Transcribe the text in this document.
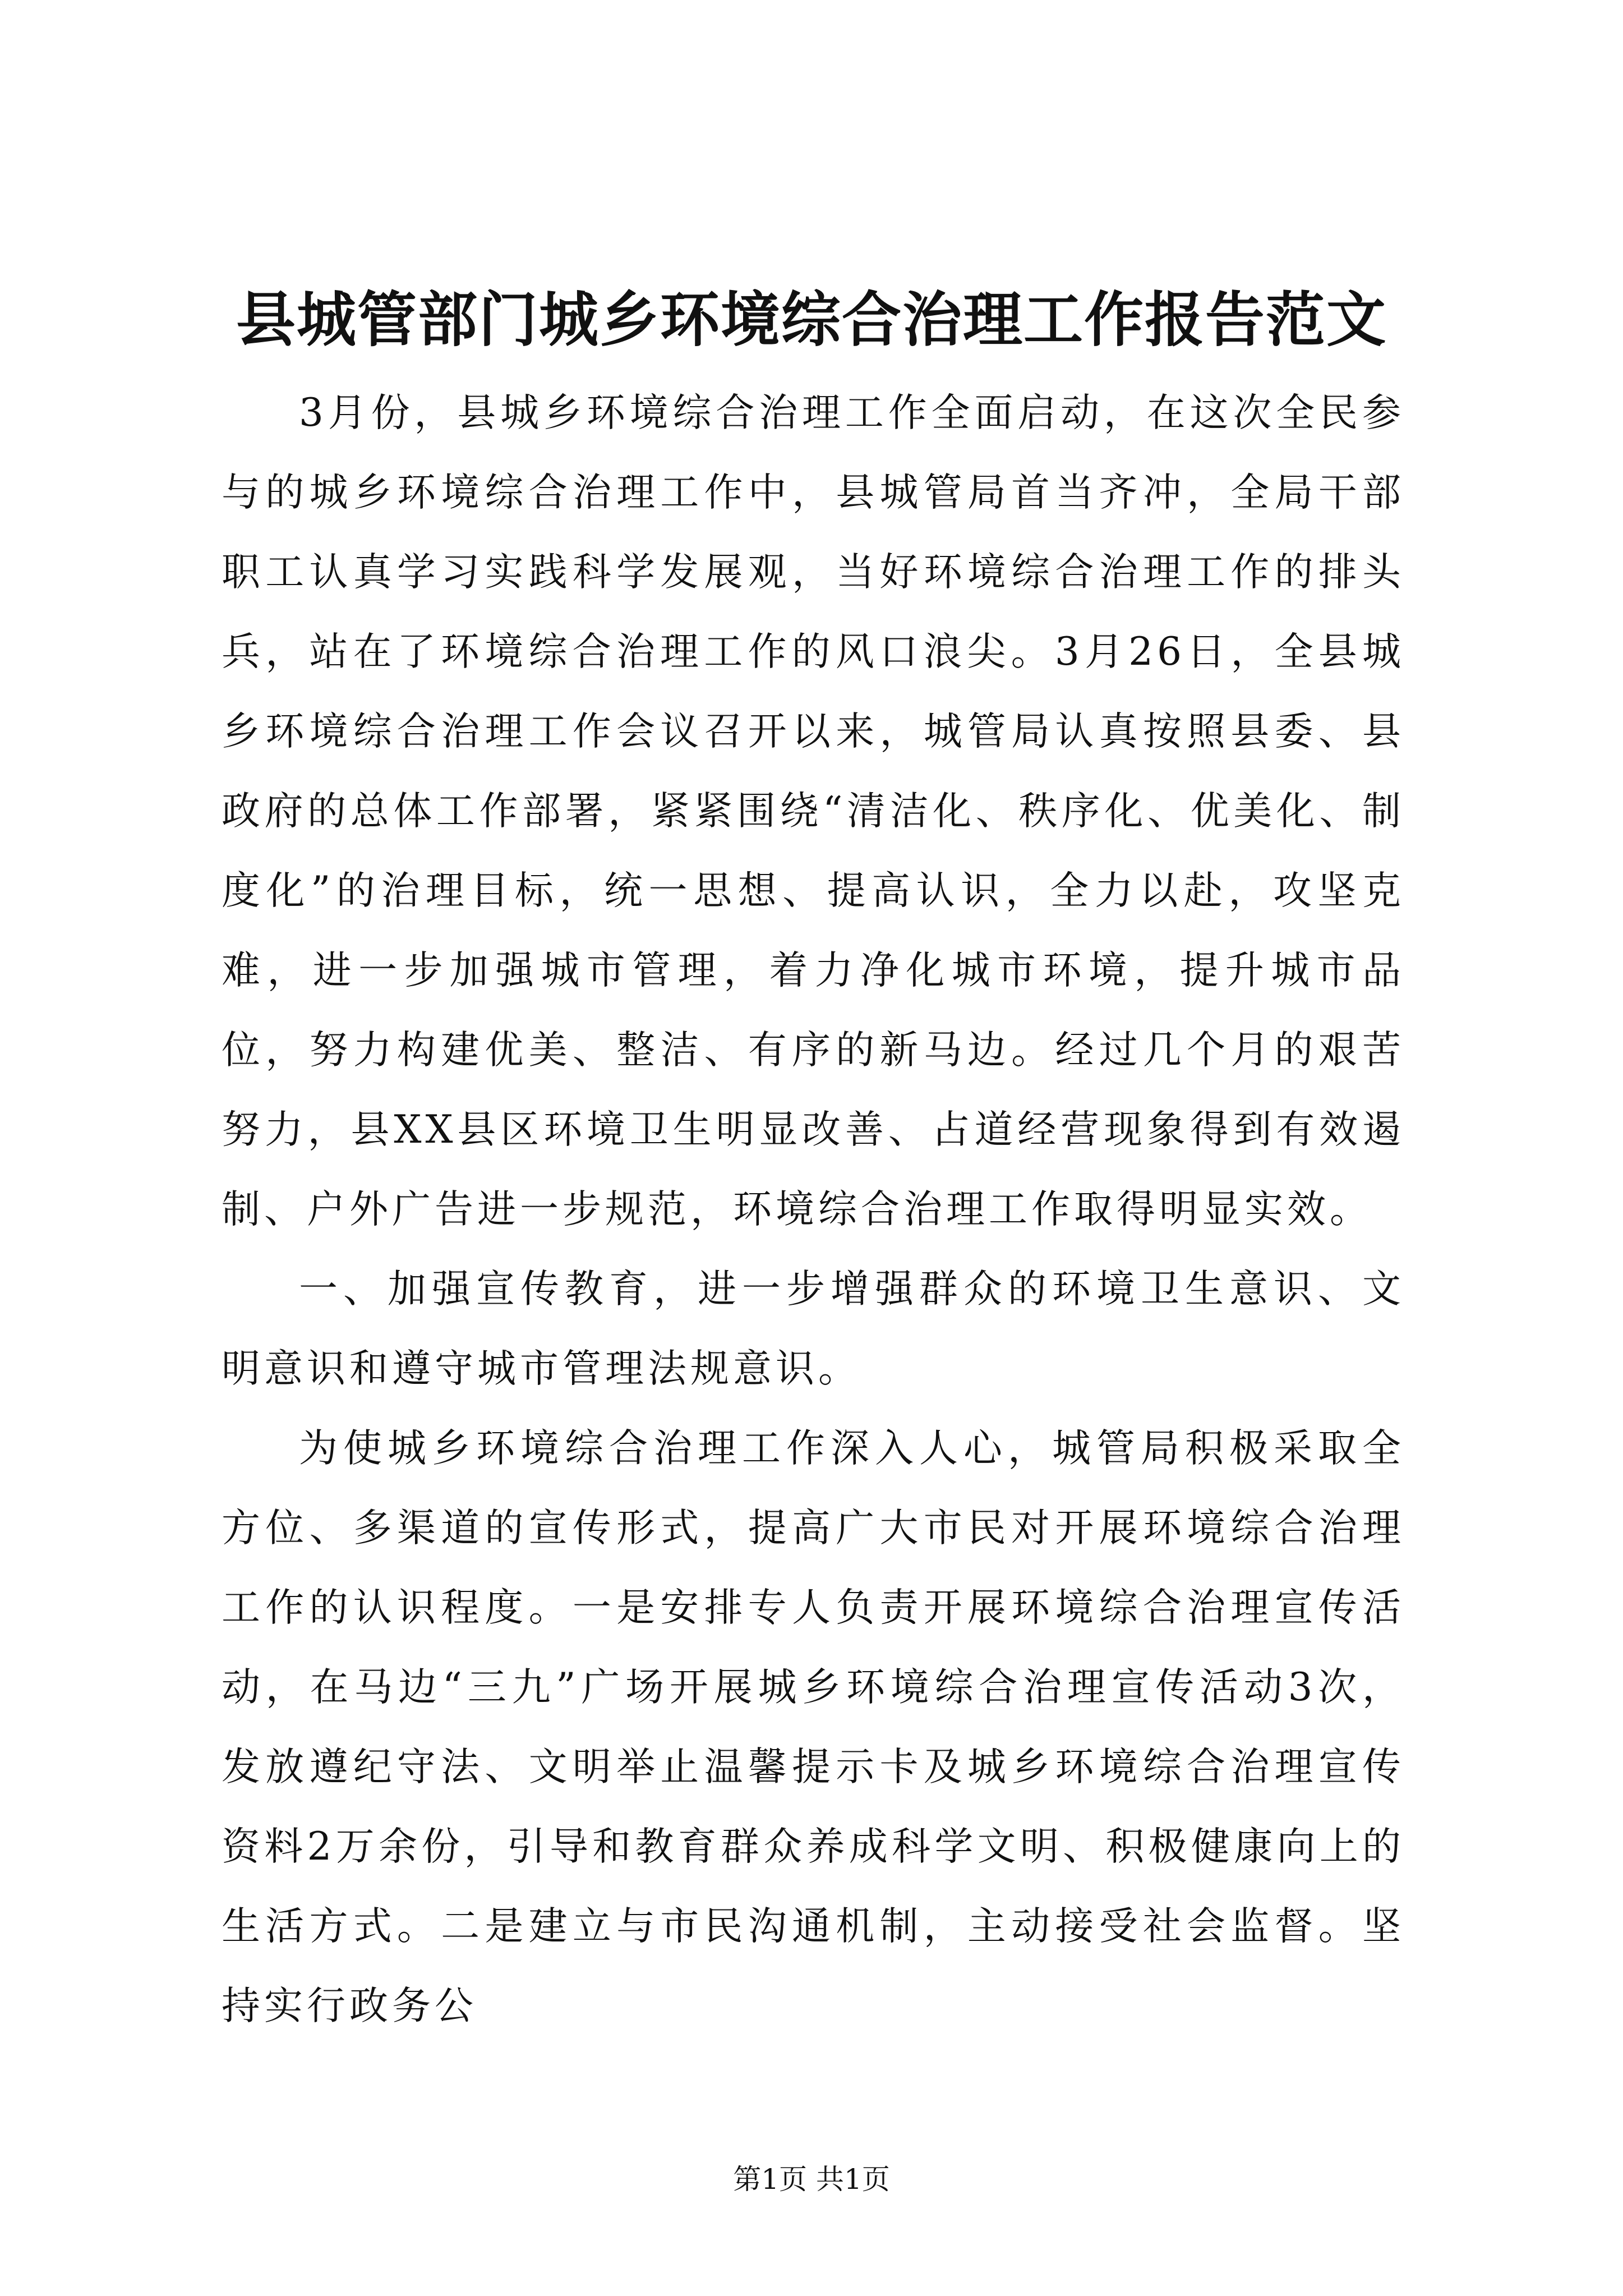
县城管部门城乡环境综合治理工作报告范文

3月份，县城乡环境综合治理工作全面启动，在这次全民参与的城乡环境综合治理工作中，县城管局首当齐冲，全局干部职工认真学习实践科学发展观，当好环境综合治理工作的排头兵，站在了环境综合治理工作的风口浪尖。3月26日，全县城乡环境综合治理工作会议召开以来，城管局认真按照县委、县政府的总体工作部署，紧紧围绕“清洁化、秩序化、优美化、制度化”的治理目标，统一思想、提高认识，全力以赴，攻坚克难，进一步加强城市管理，着力净化城市环境，提升城市品位，努力构建优美、整洁、有序的新马边。经过几个月的艰苦努力，县XX县区环境卫生明显改善、占道经营现象得到有效遏制、户外广告进一步规范，环境综合治理工作取得明显实效。

一、加强宣传教育，进一步增强群众的环境卫生意识、文明意识和遵守城市管理法规意识。

为使城乡环境综合治理工作深入人心，城管局积极采取全方位、多渠道的宣传形式，提高广大市民对开展环境综合治理工作的认识程度。一是安排专人负责开展环境综合治理宣传活动，在马边“三九”广场开展城乡环境综合治理宣传活动3次，发放遵纪守法、文明举止温馨提示卡及城乡环境综合治理宣传资料2万余份，引导和教育群众养成科学文明、积极健康向上的生活方式。二是建立与市民沟通机制，主动接受社会监督。坚持实行政务公

第1页 共1页
